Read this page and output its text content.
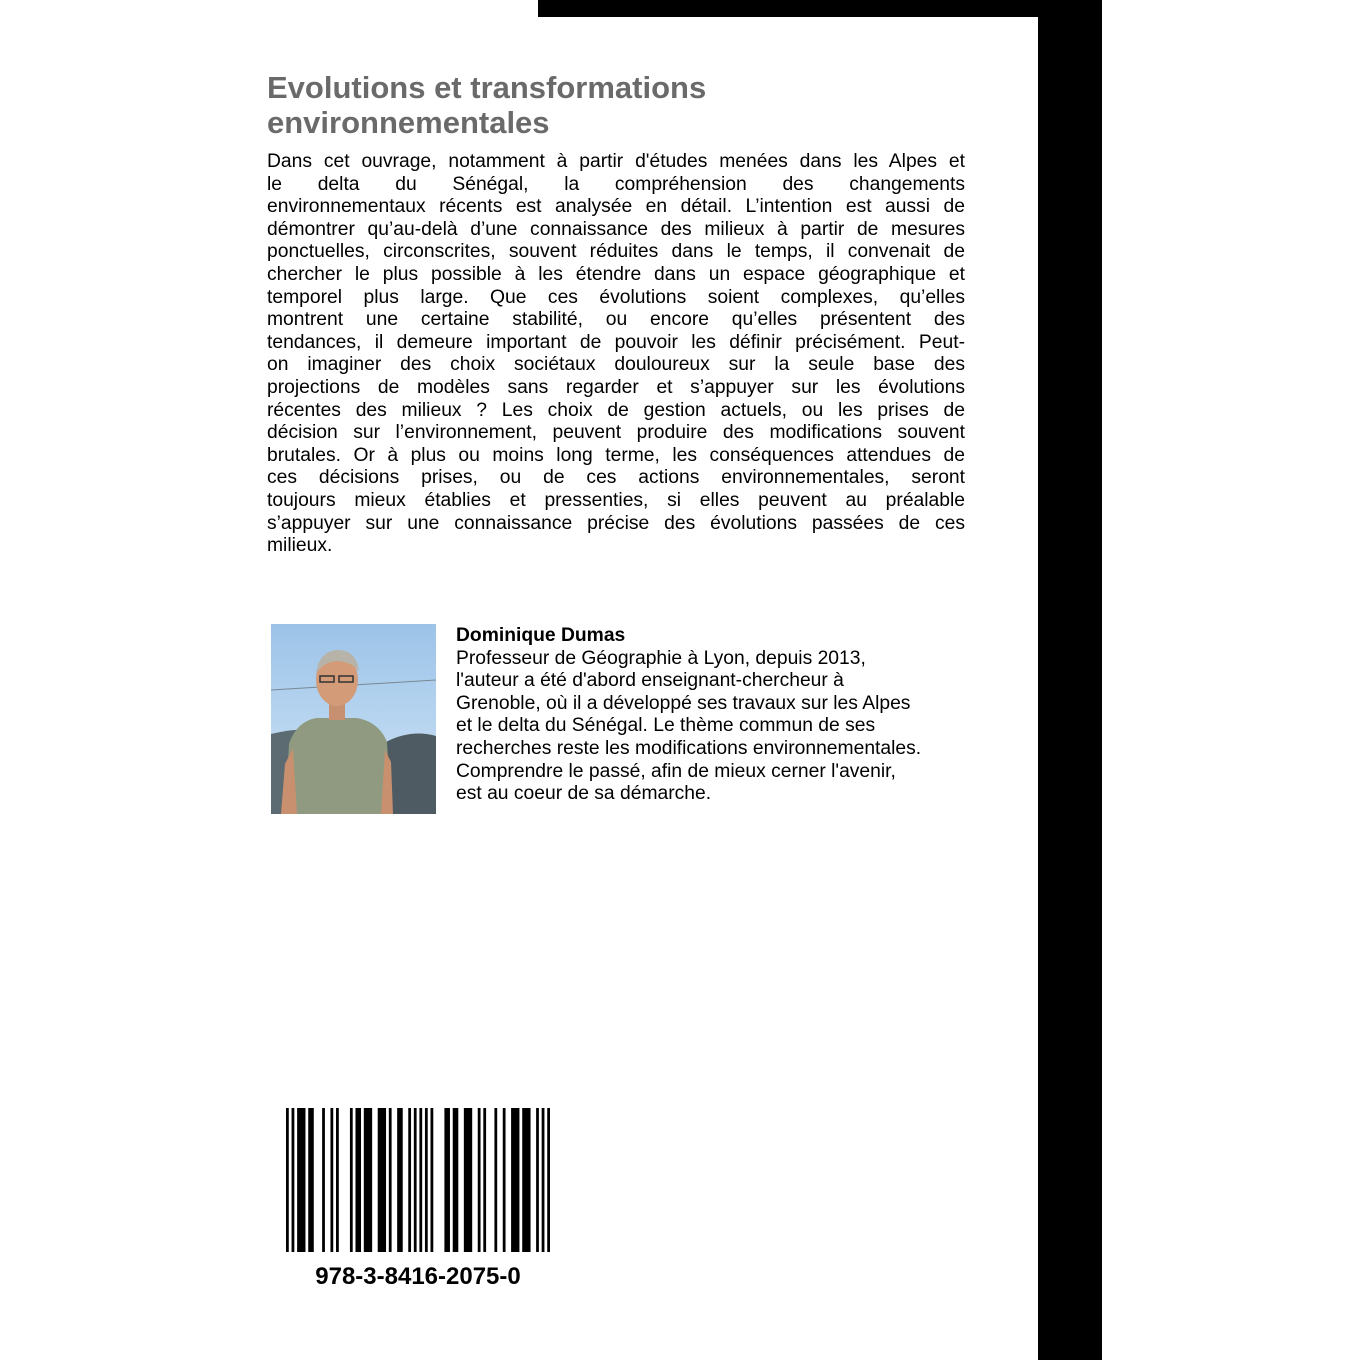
Evolutions et transformations
environnementales
Dans cet ouvrage, notamment à partir d'études menées dans les Alpes et
le delta du Sénégal, la compréhension des changements
environnementaux récents est analysée en détail. L’intention est aussi de
démontrer qu’au-delà d’une connaissance des milieux à partir de mesures
ponctuelles, circonscrites, souvent réduites dans le temps, il convenait de
chercher le plus possible à les étendre dans un espace géographique et
temporel plus large. Que ces évolutions soient complexes, qu’elles
montrent une certaine stabilité, ou encore qu’elles présentent des
tendances, il demeure important de pouvoir les définir précisément. Peut-
on imaginer des choix sociétaux douloureux sur la seule base des
projections de modèles sans regarder et s’appuyer sur les évolutions
récentes des milieux ? Les choix de gestion actuels, ou les prises de
décision sur l’environnement, peuvent produire des modifications souvent
brutales. Or à plus ou moins long terme, les conséquences attendues de
ces décisions prises, ou de ces actions environnementales, seront
toujours mieux établies et pressenties, si elles peuvent au préalable
s’appuyer sur une connaissance précise des évolutions passées de ces
milieux.
Dominique Dumas
Professeur de Géographie à Lyon, depuis 2013,
l'auteur a été d'abord enseignant-chercheur à
Grenoble, où il a développé ses travaux sur les Alpes
et le delta du Sénégal. Le thème commun de ses
recherches reste les modifications environnementales.
Comprendre le passé, afin de mieux cerner l'avenir,
est au coeur de sa démarche.
978-3-8416-2075-0
